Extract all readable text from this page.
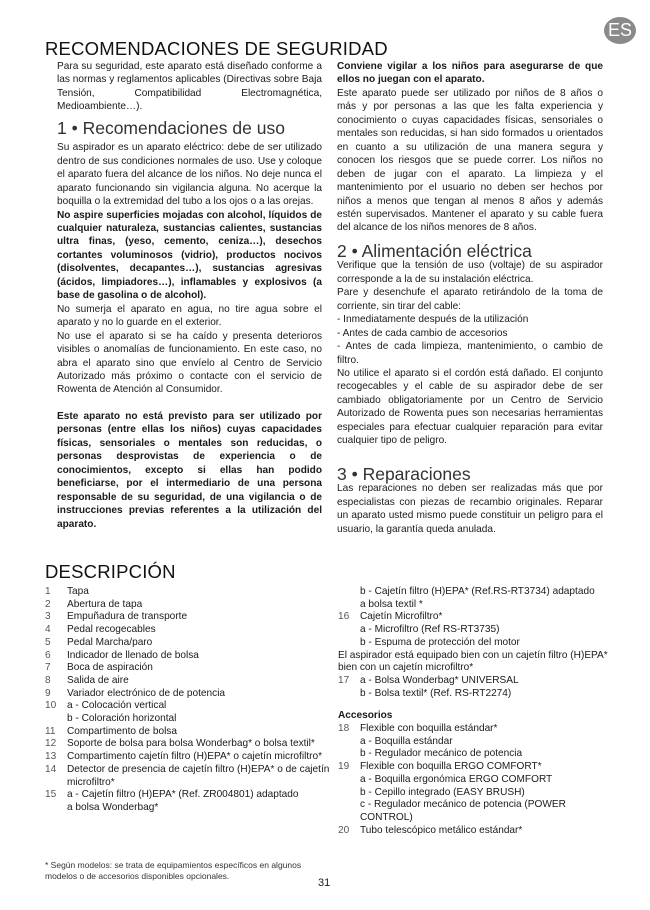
ES
RECOMENDACIONES DE SEGURIDAD

Para su seguridad, este aparato está diseñado conforme a las normas y reglamentos aplicables (Directivas sobre Baja Tensión, Compatibilidad Electromagnética, Medioambiente…).

1 • Recomendaciones de uso

Su aspirador es un aparato eléctrico: debe de ser utilizado dentro de sus condiciones normales de uso. Use y coloque el aparato fuera del alcance de los niños. No deje nunca el aparato funcionando sin vigilancia alguna. No acerque la boquilla o la extremidad del tubo a los ojos o a las orejas.

No aspire superficies mojadas con alcohol, líquidos de cualquier naturaleza, sustancias calientes, sustancias ultra finas, (yeso, cemento, ceniza…), desechos cortantes voluminosos (vidrio), productos nocivos (disolventes, decapantes…), sustancias agresivas (ácidos, limpiadores…), inflamables y explosivos (a base de gasolina o de alcohol).

No sumerja el aparato en agua, no tire agua sobre el aparato y no lo guarde en el exterior.

No use el aparato si se ha caído y presenta deterioros visibles o anomalías de funcionamiento. En este caso, no abra el aparato sino que envíelo al Centro de Servicio Autorizado más próximo o contacte con el servicio de Rowenta de Atención al Consumidor.

Este aparato no está previsto para ser utilizado por personas (entre ellas los niños) cuyas capacidades físicas, sensoriales o mentales son reducidas, o personas desprovistas de experiencia o de conocimientos, excepto si ellas han podido beneficiarse, por el intermediario de una persona responsable de su seguridad, de una vigilancia o de instrucciones previas referentes a la utilización del aparato.

Conviene vigilar a los niños para asegurarse de que ellos no juegan con el aparato.

Este aparato puede ser utilizado por niños de 8 años o más y por personas a las que les falta experiencia y conocimiento o cuyas capacidades físicas, sensoriales o mentales son reducidas, si han sido formados u orientados en cuanto a su utilización de una manera segura y conocen los riesgos que se puede correr. Los niños no deben de jugar con el aparato. La limpieza y el mantenimiento por el usuario no deben ser hechos por niños a menos que tengan al menos 8 años y además estén supervisados. Mantener el aparato y su cable fuera del alcance de los niños menores de 8 años.

2 • Alimentación eléctrica

Verifique que la tensión de uso (voltaje) de su aspirador corresponde a la de su instalación eléctrica.

Pare y desenchufe el aparato retirándolo de la toma de corriente, sin tirar del cable:

- Inmediatamente después de la utilización

- Antes de cada cambio de accesorios

- Antes de cada limpieza, mantenimiento, o cambio de filtro.

No utilice el aparato si el cordón está dañado. El conjunto recogecables y el cable de su aspirador debe de ser cambiado obligatoriamente por un Centro de Servicio Autorizado de Rowenta pues son necesarias herramientas especiales para efectuar cualquier reparación para evitar cualquier tipo de peligro.

3 • Reparaciones

Las reparaciones no deben ser realizadas más que por especialistas con piezas de recambio originales. Reparar un aparato usted mismo puede constituir un peligro para el usuario, la garantía queda anulada.

DESCRIPCIÓN
1 Tapa
2 Abertura de tapa
3 Empuñadura de transporte
4 Pedal recogecables
5 Pedal Marcha/paro
6 Indicador de llenado de bolsa
7 Boca de aspiración
8 Salida de aire
9 Variador electrónico de de potencia
10 a - Colocación vertical
b - Coloración horizontal
11 Compartimento de bolsa
12 Soporte de bolsa para bolsa Wonderbag* o bolsa textil*
13 Compartimento cajetín filtro (H)EPA* o cajetín microfiltro*
14 Detector de presencia de cajetín filtro (H)EPA* o de cajetín microfiltro*
15 a - Cajetín filtro (H)EPA* (Ref. ZR004801) adaptado a bolsa Wonderbag*
b - Cajetín filtro (H)EPA* (Ref.RS-RT3734) adaptado a bolsa textil *
16 Cajetín Microfiltro*
a - Microfiltro (Ref RS-RT3735)
b - Espuma de protección del motor
El aspirador está equipado bien con un cajetín filtro (H)EPA* bien con un cajetín microfiltro*
17 a - Bolsa Wonderbag* UNIVERSAL
b - Bolsa textil* (Ref. RS-RT2274)
Accesorios
18 Flexible con boquilla estándar*
a - Boquilla estándar
b - Regulador mecánico de potencia
19 Flexible con boquilla ERGO COMFORT*
a - Boquilla ergonómica ERGO COMFORT
b - Cepillo integrado (EASY BRUSH)
c - Regulador mecánico de potencia (POWER CONTROL)
20 Tubo telescópico metálico estándar*
* Según modelos: se trata de equipamientos específicos en algunos modelos o de accesorios disponibles opcionales.
31
